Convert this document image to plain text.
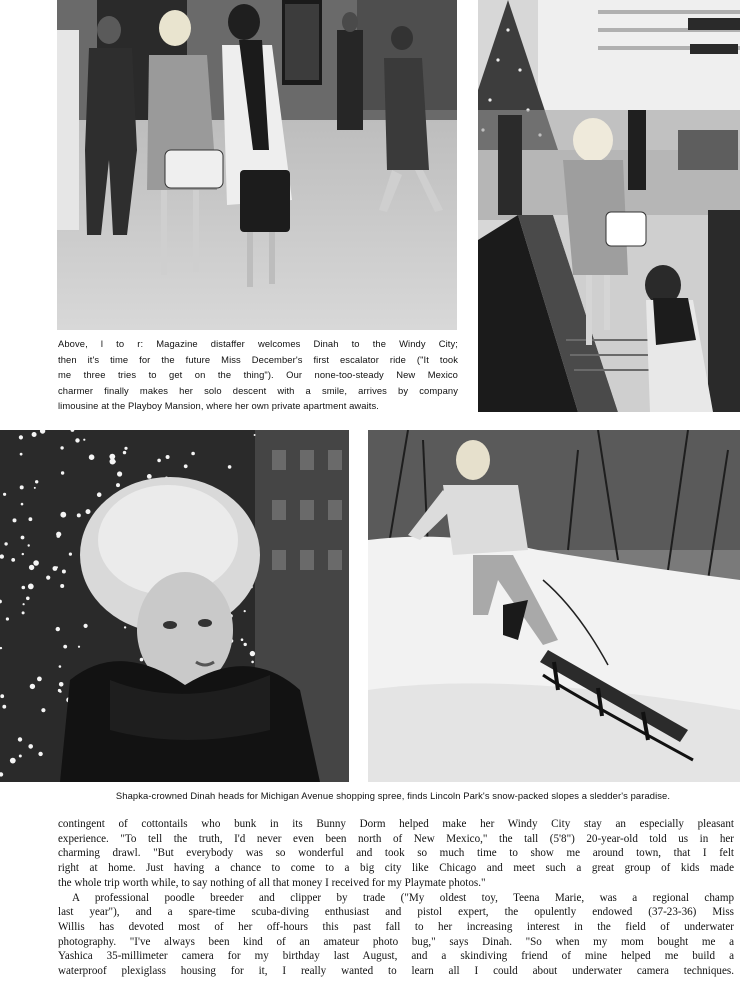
Above, l to r: Magazine distaffer welcomes Dinah to the Windy City;
then it's time for the future Miss December's first escalator ride ("It took
me three tries to get on the thing"). Our none-too-steady New Mexico
charmer finally makes her solo descent with a smile, arrives by company
limousine at the Playboy Mansion, where her own private apartment awaits.
Shapka-crowned Dinah heads for Michigan Avenue shopping spree, finds Lincoln Park's snow-packed slopes a sledder's paradise.

contingent of cottontails who bunk in its Bunny Dorm helped make her Windy City stay an especially pleasant
experience. "To tell the truth, I'd never even been north of New Mexico," the tall (5'8") 20-year-old told us in her
charming drawl. "But everybody was so wonderful and took so much time to show me around town, that I felt
right at home. Just having a chance to come to a big city like Chicago and meet such a great group of kids made
the whole trip worth while, to say nothing of all that money I received for my Playmate photos."

A professional poodle breeder and clipper by trade ("My oldest toy, Teena Marie, was a regional champ
last year"), and a spare-time scuba-diving enthusiast and pistol expert, the opulently endowed (37-23-36) Miss
Willis has devoted most of her off-hours this past fall to her increasing interest in the field of underwater
photography. "I've always been kind of an amateur photo bug," says Dinah. "So when my mom bought me a
Yashica 35-millimeter camera for my birthday last August, and a skindiving friend of mine helped me build a
waterproof plexiglass housing for it, I really wanted to learn all I could about underwater camera techniques.
